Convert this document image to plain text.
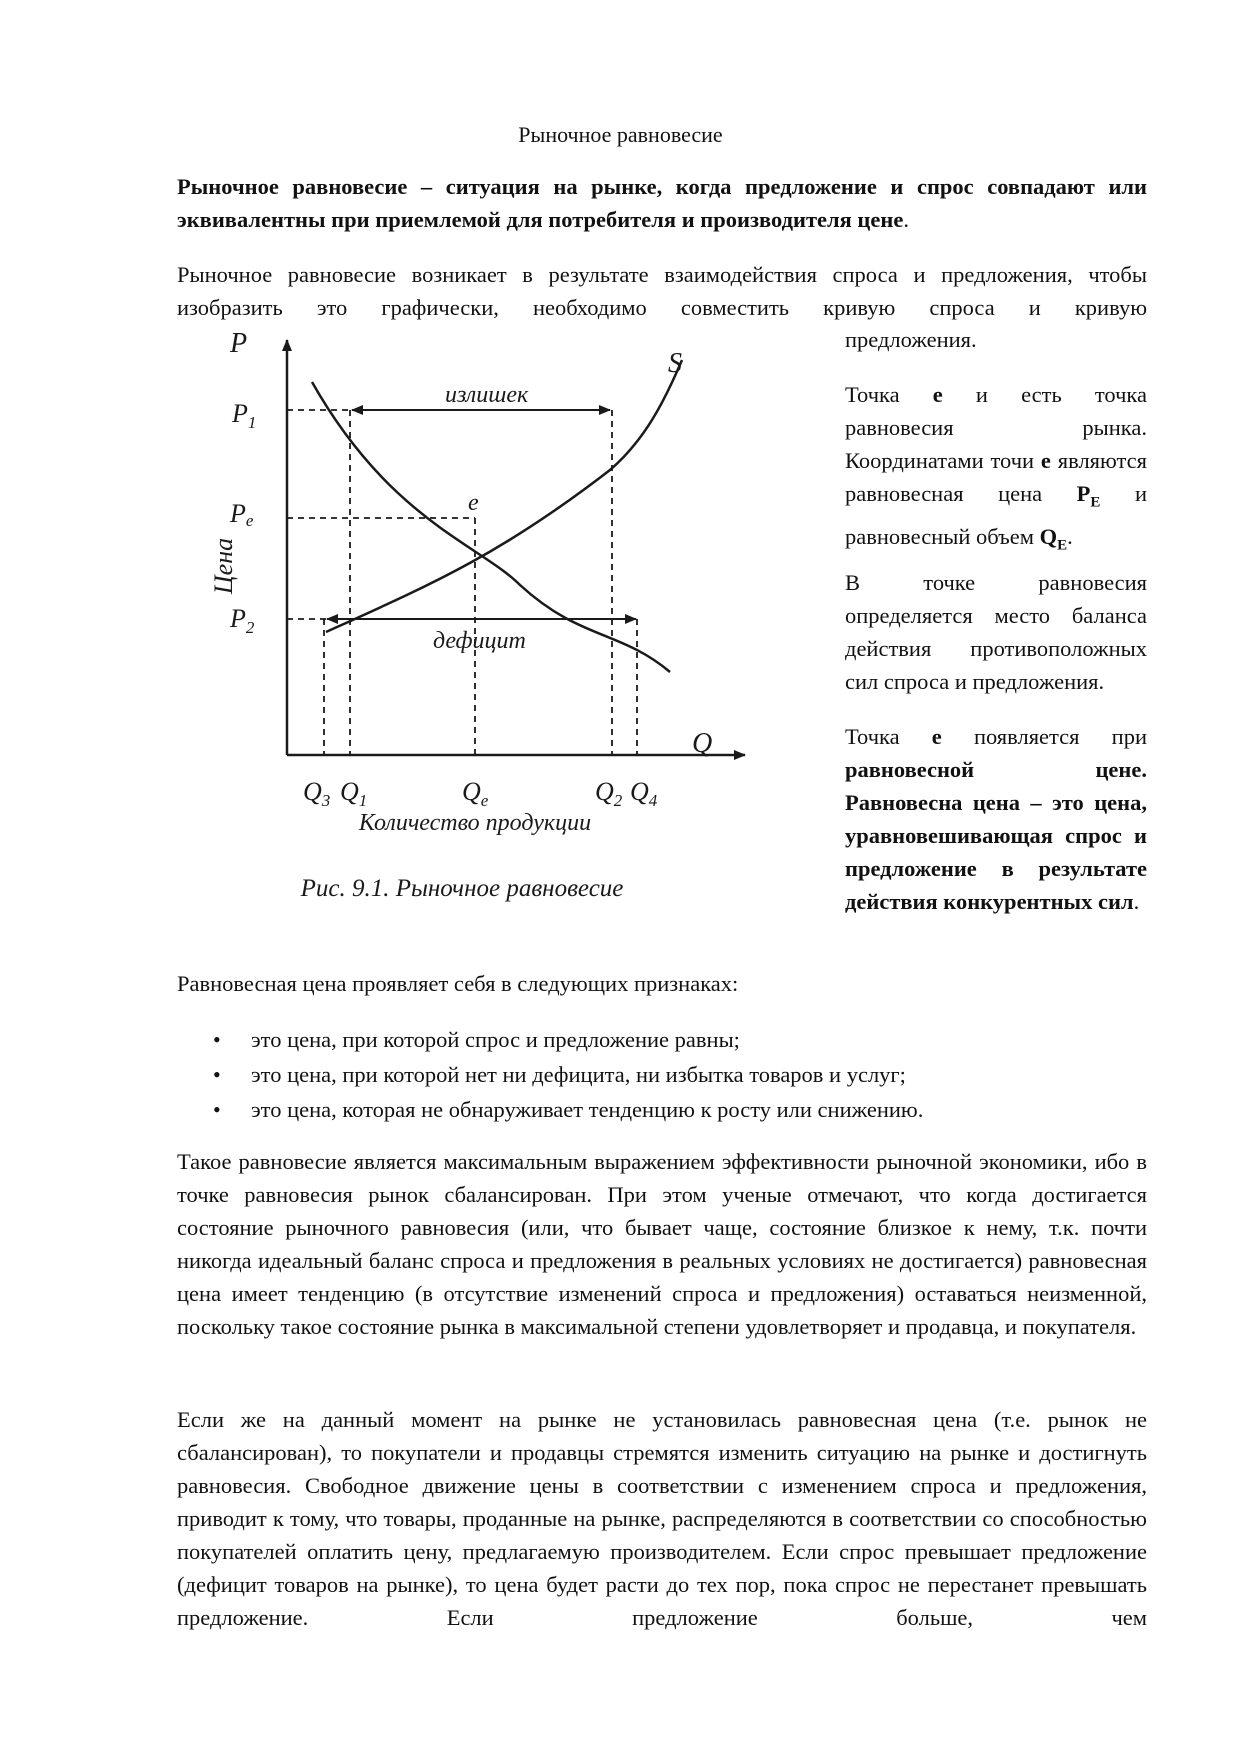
Рыночное равновесие
Рыночное равновесие – ситуация на рынке, когда предложение и спрос совпадают или эквивалентны при приемлемой для потребителя и производителя цене.
Рыночное равновесие возникает в результате взаимодействия спроса и предложения, чтобы изобразить это графически, необходимо совместить кривую спроса и кривую
предложения.
P
Q
S
излишек
дефицит
e
Цена
$P_1$
Pe
$P_2$
$Q_3$ $Q_1$	$Q_e$	$Q_2$ $Q_4$
Количество продукции
Рис. 9.1. Рыночное равновесие
Точка е и есть точка равновесия рынка. Координатами точи е являются равновесная цена $P_E$ и равновесный объем $Q_E$.
В точке равновесия определяется место баланса действия противоположных сил спроса и предложения.
Точка е появляется при равновесной цене. Равновесна цена – это цена, уравновешивающая спрос и предложение в результате действия конкурентных сил.
Равновесная цена проявляет себя в следующих признаках:
• это цена, при которой спрос и предложение равны;
• это цена, при которой нет ни дефицита, ни избытка товаров и услуг;
• это цена, которая не обнаруживает тенденцию к росту или снижению.
Такое равновесие является максимальным выражением эффективности рыночной экономики, ибо в точке равновесия рынок сбалансирован. При этом ученые отмечают, что когда достигается состояние рыночного равновесия (или, что бывает чаще, состояние близкое к нему, т.к. почти никогда идеальный баланс спроса и предложения в реальных условиях не достигается) равновесная цена имеет тенденцию (в отсутствие изменений спроса и предложения) оставаться неизменной, поскольку такое состояние рынка в максимальной степени удовлетворяет и продавца, и покупателя.
Если же на данный момент на рынке не установилась равновесная цена (т.е. рынок не сбалансирован), то покупатели и продавцы стремятся изменить ситуацию на рынке и достигнуть равновесия. Свободное движение цены в соответствии с изменением спроса и предложения, приводит к тому, что товары, проданные на рынке, распределяются в соответствии со способностью покупателей оплатить цену, предлагаемую производителем. Если спрос превышает предложение (дефицит товаров на рынке), то цена будет расти до тех пор, пока спрос не перестанет превышать предложение. Если предложение больше, чем
